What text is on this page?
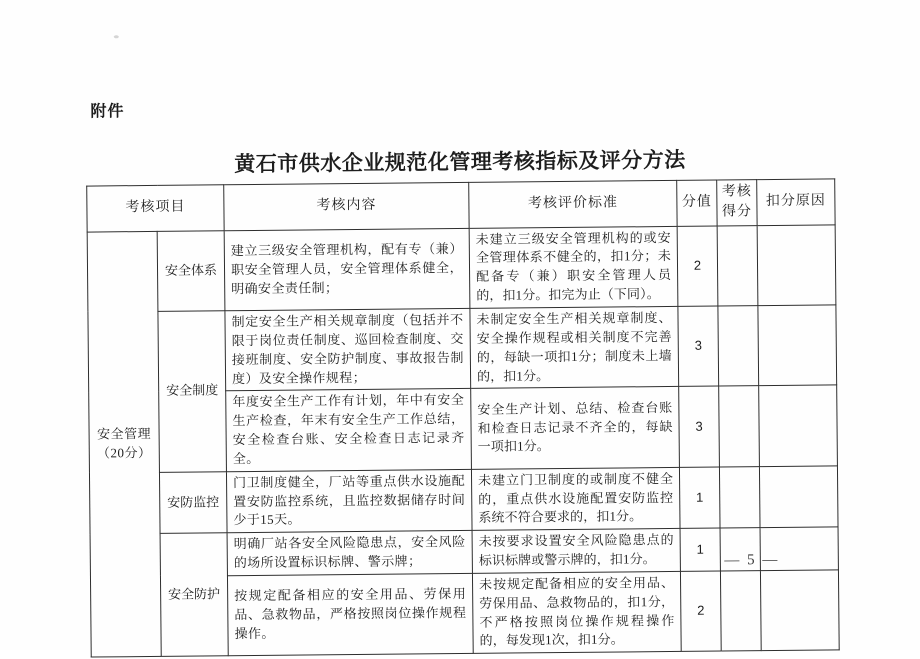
附件
黄石市供水企业规范化管理考核指标及评分方法
考核项目		考核内容	考核评价标准	分值	考核得分	扣分原因

安全管理
（20分）	安全体系	建立三级安全管理机构，配有专（兼）职安全管理人员，安全管理体系健全，明确安全责任制；	未建立三级安全管理机构的或安全管理体系不健全的，扣1分；未配备专（兼）职安全管理人员的，扣1分。扣完为止（下同）。	2		
	安全制度	制定安全生产相关规章制度（包括并不限于岗位责任制度、巡回检查制度、交接班制度、安全防护制度、事故报告制度）及安全操作规程；	未制定安全生产相关规章制度、安全操作规程或相关制度不完善的，每缺一项扣1分；制度未上墙的，扣1分。	3		
		年度安全生产工作有计划，年中有安全生产检查，年末有安全生产工作总结，安全检查台账、安全检查日志记录齐全。	安全生产计划、总结、检查台账和检查日志记录不齐全的，每缺一项扣1分。	3		
	安防监控	门卫制度健全，厂站等重点供水设施配置安防监控系统，且监控数据储存时间少于15天。	未建立门卫制度的或制度不健全的，重点供水设施配置安防监控系统不符合要求的，扣1分。	1		
	安全防护	明确厂站各安全风险隐患点，安全风险的场所设置标识标牌、警示牌；	未按要求设置安全风险隐患点的标识标牌或警示牌的，扣1分。	1		
		按规定配备相应的安全用品、劳保用品、急救物品，严格按照岗位操作规程操作。	未按规定配备相应的安全用品、劳保用品、急救物品的，扣1分，不严格按照岗位操作规程操作的，每发现1次，扣1分。	2		
— 5 —
